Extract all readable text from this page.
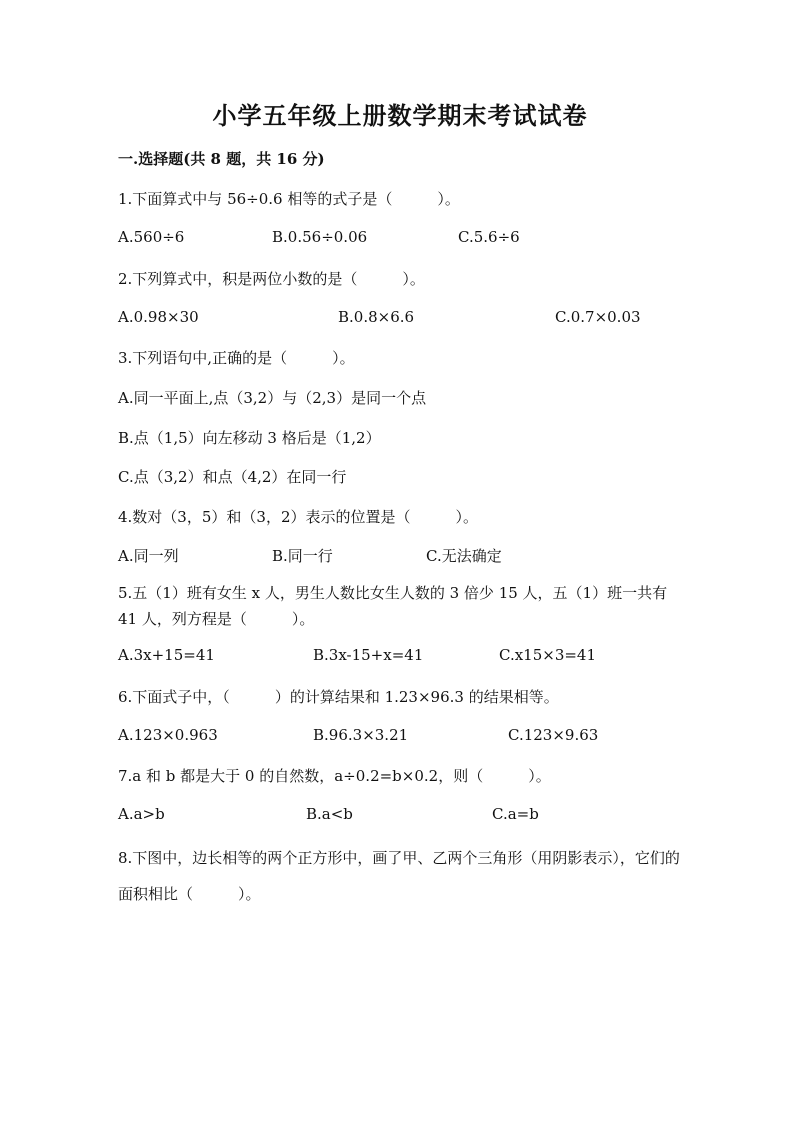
小学五年级上册数学期末考试试卷
一.选择题(共 8 题，共 16 分)
1.下面算式中与 56÷0.6 相等的式子是（　　　）。
A.560÷6	B.0.56÷0.06	C.5.6÷6
2.下列算式中，积是两位小数的是（　　　）。
A.0.98×30	B.0.8×6.6	C.0.7×0.03
3.下列语句中,正确的是（　　　）。
A.同一平面上,点（3,2）与（2,3）是同一个点
B.点（1,5）向左移动 3 格后是（1,2）
C.点（3,2）和点（4,2）在同一行
4.数对（3，5）和（3，2）表示的位置是（　　　）。
A.同一列	B.同一行	C.无法确定
5.五（1）班有女生 x 人，男生人数比女生人数的 3 倍少 15 人，五（1）班一共有 41 人，列方程是（　　　）。
A.3x+15=41	B.3x-15+x=41	C.x15×3=41
6.下面式子中，（　　　）的计算结果和 1.23×96.3 的结果相等。
A.123×0.963	B.96.3×3.21	C.123×9.63
7.a 和 b 都是大于 0 的自然数，a÷0.2=b×0.2，则（　　　）。
A.a>b	B.a<b	C.a=b
8.下图中，边长相等的两个正方形中，画了甲、乙两个三角形（用阴影表示），它们的面积相比（　　　）。
